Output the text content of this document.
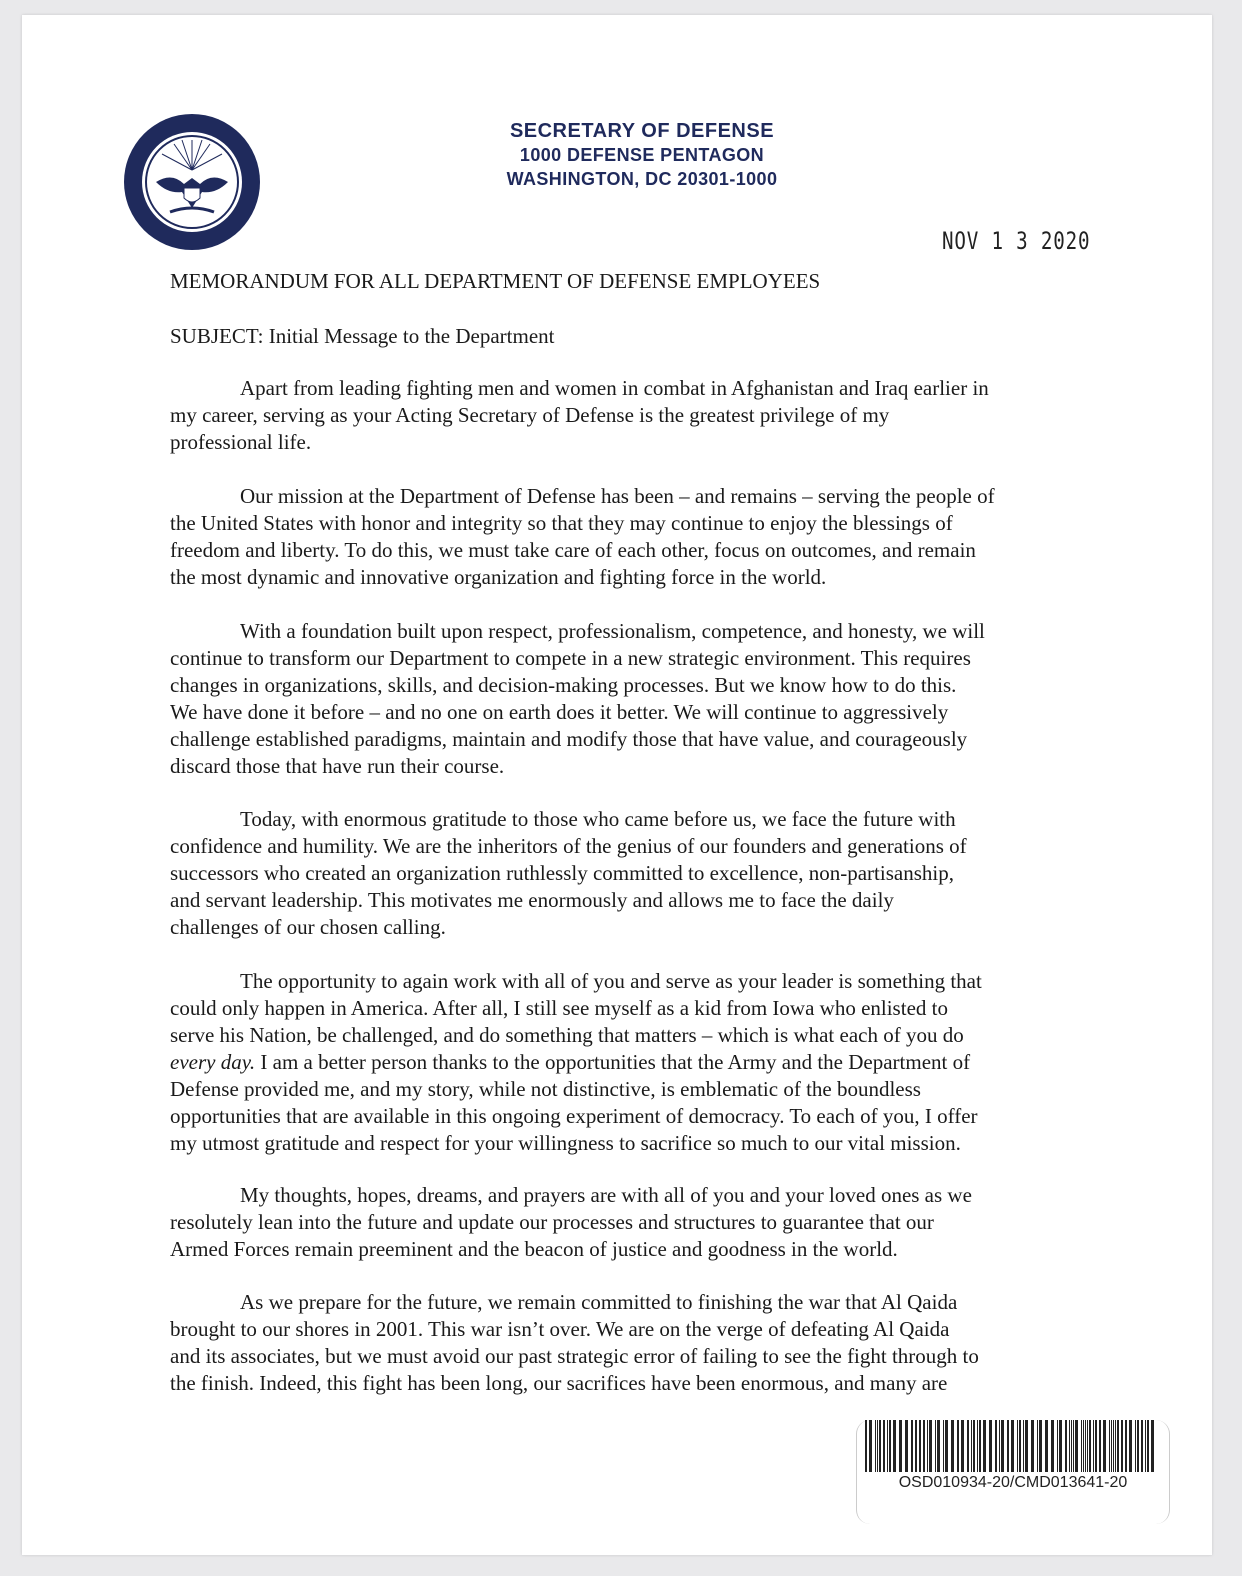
SECRETARY OF DEFENSE
1000 DEFENSE PENTAGON
WASHINGTON, DC 20301-1000
NOV 1 3 2020
MEMORANDUM FOR ALL DEPARTMENT OF DEFENSE EMPLOYEES
SUBJECT: Initial Message to the Department
Apart from leading fighting men and women in combat in Afghanistan and Iraq earlier in
my career, serving as your Acting Secretary of Defense is the greatest privilege of my
professional life.
Our mission at the Department of Defense has been – and remains – serving the people of
the United States with honor and integrity so that they may continue to enjoy the blessings of
freedom and liberty. To do this, we must take care of each other, focus on outcomes, and remain
the most dynamic and innovative organization and fighting force in the world.
With a foundation built upon respect, professionalism, competence, and honesty, we will
continue to transform our Department to compete in a new strategic environment. This requires
changes in organizations, skills, and decision-making processes. But we know how to do this.
We have done it before – and no one on earth does it better. We will continue to aggressively
challenge established paradigms, maintain and modify those that have value, and courageously
discard those that have run their course.
Today, with enormous gratitude to those who came before us, we face the future with
confidence and humility. We are the inheritors of the genius of our founders and generations of
successors who created an organization ruthlessly committed to excellence, non-partisanship,
and servant leadership. This motivates me enormously and allows me to face the daily
challenges of our chosen calling.
The opportunity to again work with all of you and serve as your leader is something that
could only happen in America. After all, I still see myself as a kid from Iowa who enlisted to
serve his Nation, be challenged, and do something that matters – which is what each of you do
every day. I am a better person thanks to the opportunities that the Army and the Department of
Defense provided me, and my story, while not distinctive, is emblematic of the boundless
opportunities that are available in this ongoing experiment of democracy. To each of you, I offer
my utmost gratitude and respect for your willingness to sacrifice so much to our vital mission.
My thoughts, hopes, dreams, and prayers are with all of you and your loved ones as we
resolutely lean into the future and update our processes and structures to guarantee that our
Armed Forces remain preeminent and the beacon of justice and goodness in the world.
As we prepare for the future, we remain committed to finishing the war that Al Qaida
brought to our shores in 2001. This war isn’t over. We are on the verge of defeating Al Qaida
and its associates, but we must avoid our past strategic error of failing to see the fight through to
the finish. Indeed, this fight has been long, our sacrifices have been enormous, and many are
OSD010934-20/CMD013641-20
